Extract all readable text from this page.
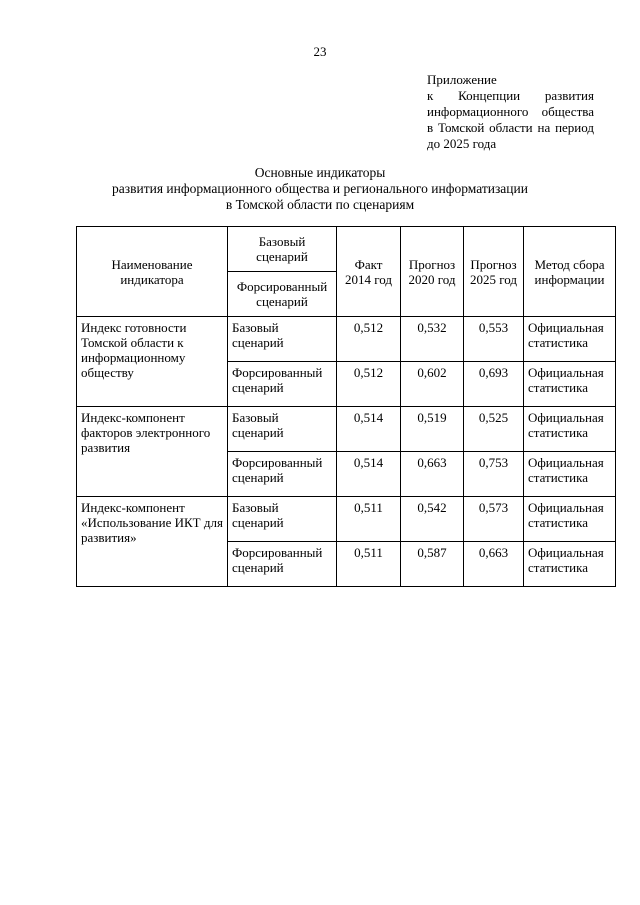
23
Приложение
к Концепции развития
информационного общества
в Томской области на период
до 2025 года
Основные индикаторы
развития информационного общества и регионального информатизации
в Томской области по сценариям
Наименование индикатора	Базовый сценарий	Факт 2014 год	Прогноз 2020 год	Прогноз 2025 год	Метод сбора информации
	Форсированный сценарий				
Индекс готовности Томской области к информационному обществу	Базовый сценарий	0,512	0,532	0,553	Официальная статистика
	Форсированный сценарий	0,512	0,602	0,693	Официальная статистика
Индекс-компонент факторов электронного развития	Базовый сценарий	0,514	0,519	0,525	Официальная статистика
	Форсированный сценарий	0,514	0,663	0,753	Официальная статистика
Индекс-компонент «Использование ИКТ для развития»	Базовый сценарий	0,511	0,542	0,573	Официальная статистика
	Форсированный сценарий	0,511	0,587	0,663	Официальная статистика
